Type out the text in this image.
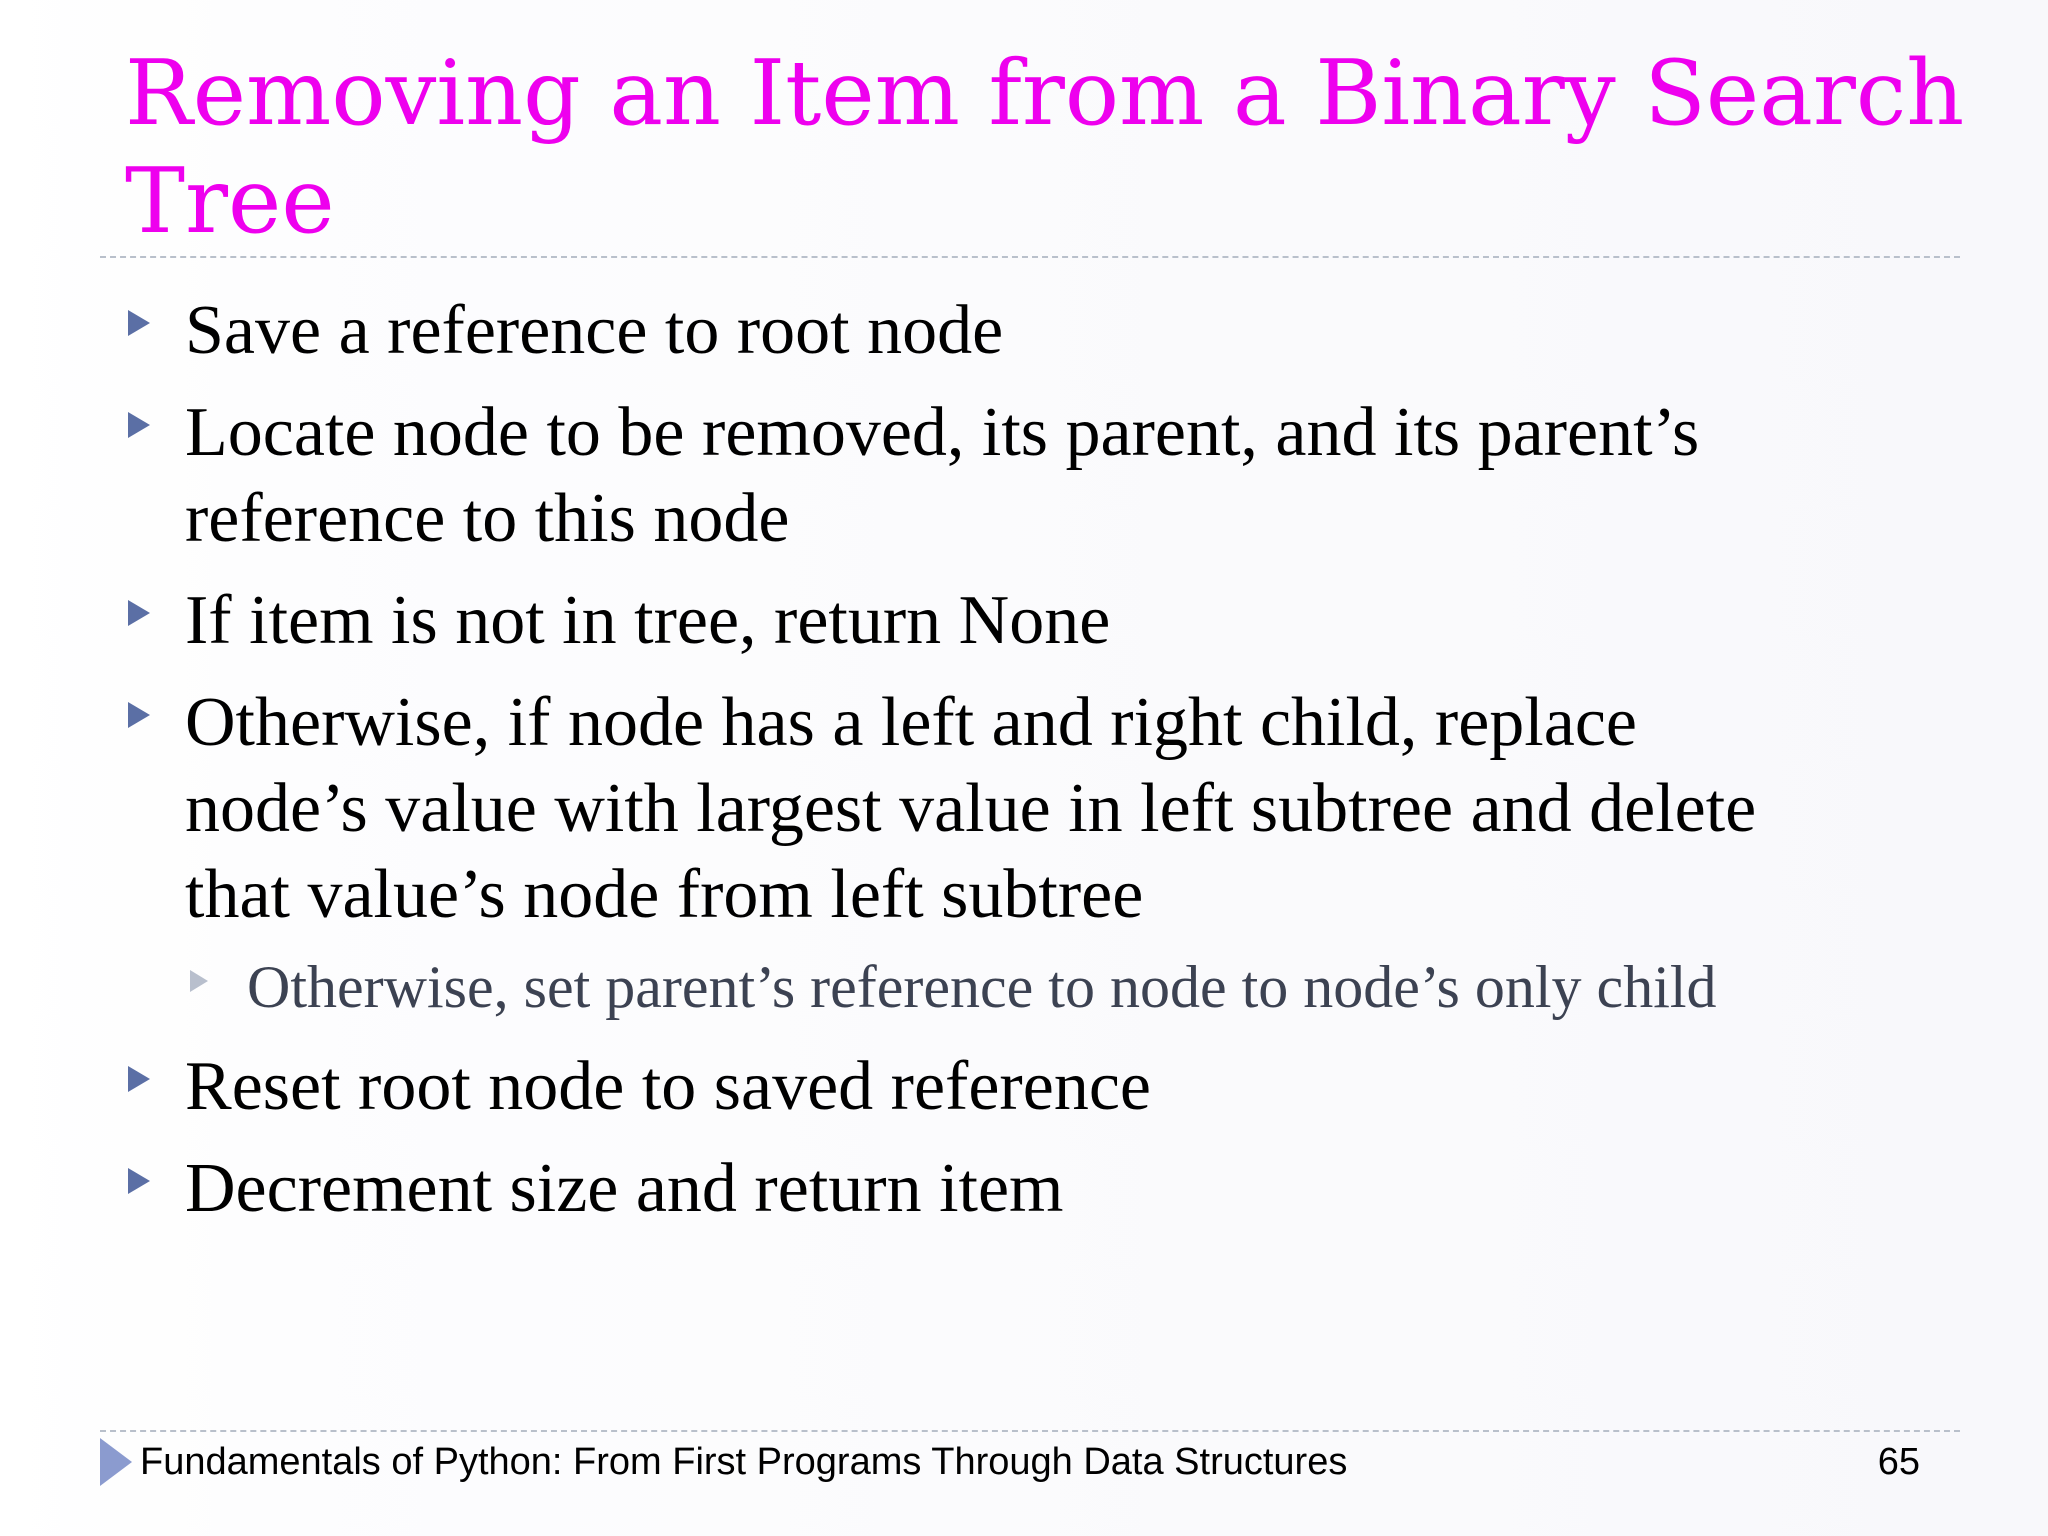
Removing an Item from a Binary Search
Tree
Save a reference to root node
Locate node to be removed, its parent, and its parent’s
reference to this node
If item is not in tree, return None
Otherwise, if node has a left and right child, replace
node’s value with largest value in left subtree and delete
that value’s node from left subtree
Otherwise, set parent’s reference to node to node’s only child
Reset root node to saved reference
Decrement size and return item
Fundamentals of Python: From First Programs Through Data Structures	65
